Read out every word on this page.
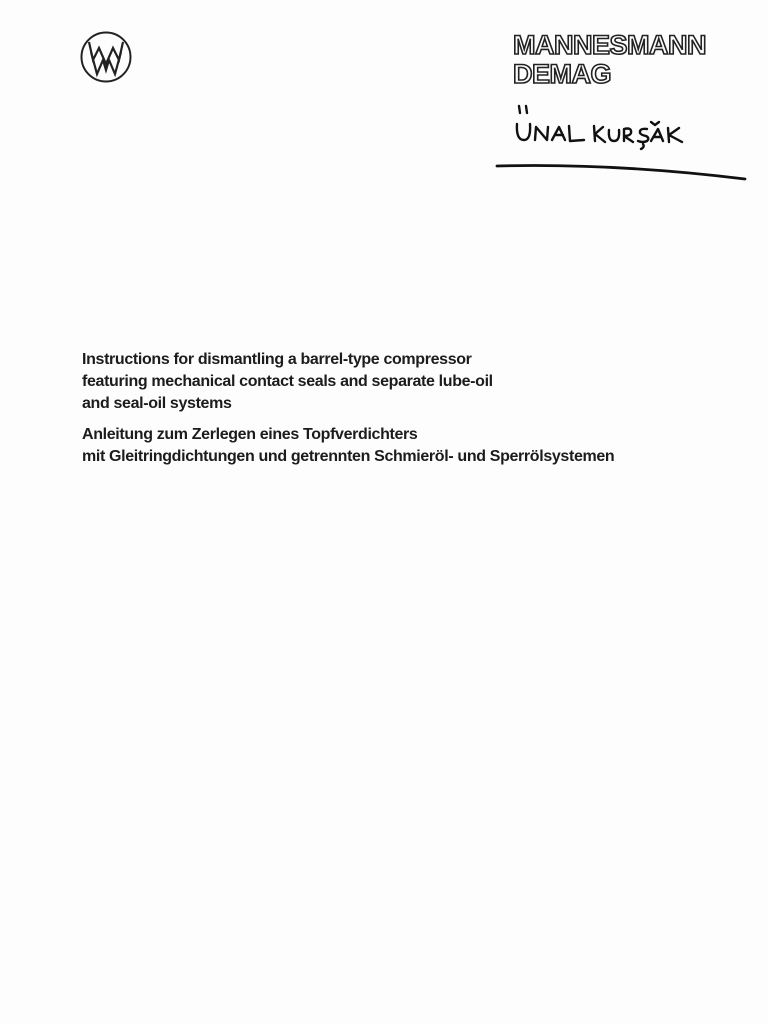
MANNESMANN

DEMAG

Instructions for dismantling a barrel-type compressor
featuring mechanical contact seals and separate lube-oil
and seal-oil systems
Anleitung zum Zerlegen eines Topfverdichters
mit Gleitringdichtungen und getrennten Schmieröl- und Sperrölsystemen
